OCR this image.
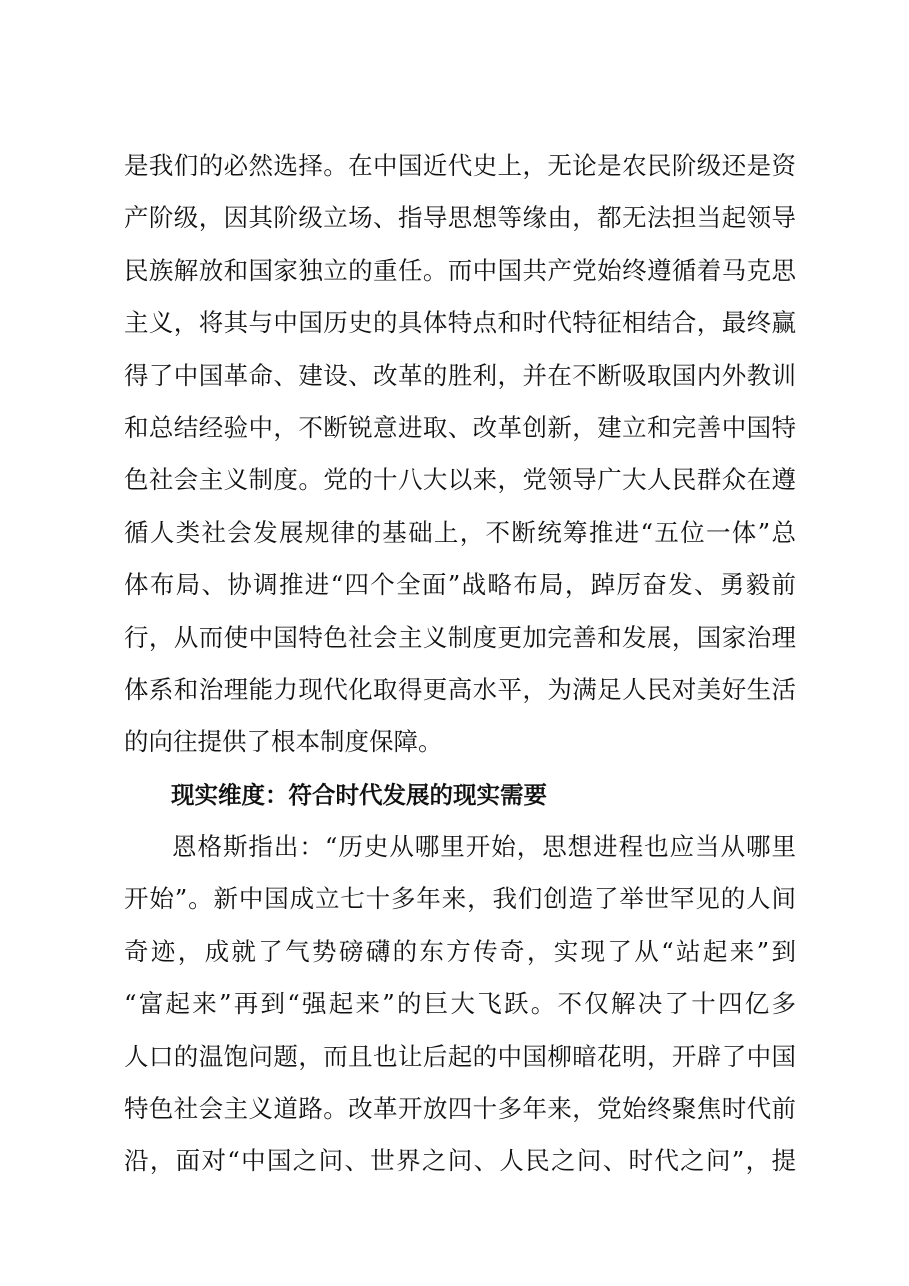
是我们的必然选择。在中国近代史上，无论是农民阶级还是资
产阶级，因其阶级立场、指导思想等缘由，都无法担当起领导
民族解放和国家独立的重任。而中国共产党始终遵循着马克思
主义，将其与中国历史的具体特点和时代特征相结合，最终赢
得了中国革命、建设、改革的胜利，并在不断吸取国内外教训
和总结经验中，不断锐意进取、改革创新，建立和完善中国特
色社会主义制度。党的十八大以来，党领导广大人民群众在遵
循人类社会发展规律的基础上，不断统筹推进“五位一体”总
体布局、协调推进“四个全面”战略布局，踔厉奋发、勇毅前
行，从而使中国特色社会主义制度更加完善和发展，国家治理
体系和治理能力现代化取得更高水平，为满足人民对美好生活
的向往提供了根本制度保障。
现实维度：符合时代发展的现实需要
恩格斯指出：“历史从哪里开始，思想进程也应当从哪里
开始”。新中国成立七十多年来，我们创造了举世罕见的人间
奇迹，成就了气势磅礴的东方传奇，实现了从“站起来”到
“富起来”再到“强起来”的巨大飞跃。不仅解决了十四亿多
人口的温饱问题，而且也让后起的中国柳暗花明，开辟了中国
特色社会主义道路。改革开放四十多年来，党始终聚焦时代前
沿，面对“中国之问、世界之问、人民之问、时代之问”，提
